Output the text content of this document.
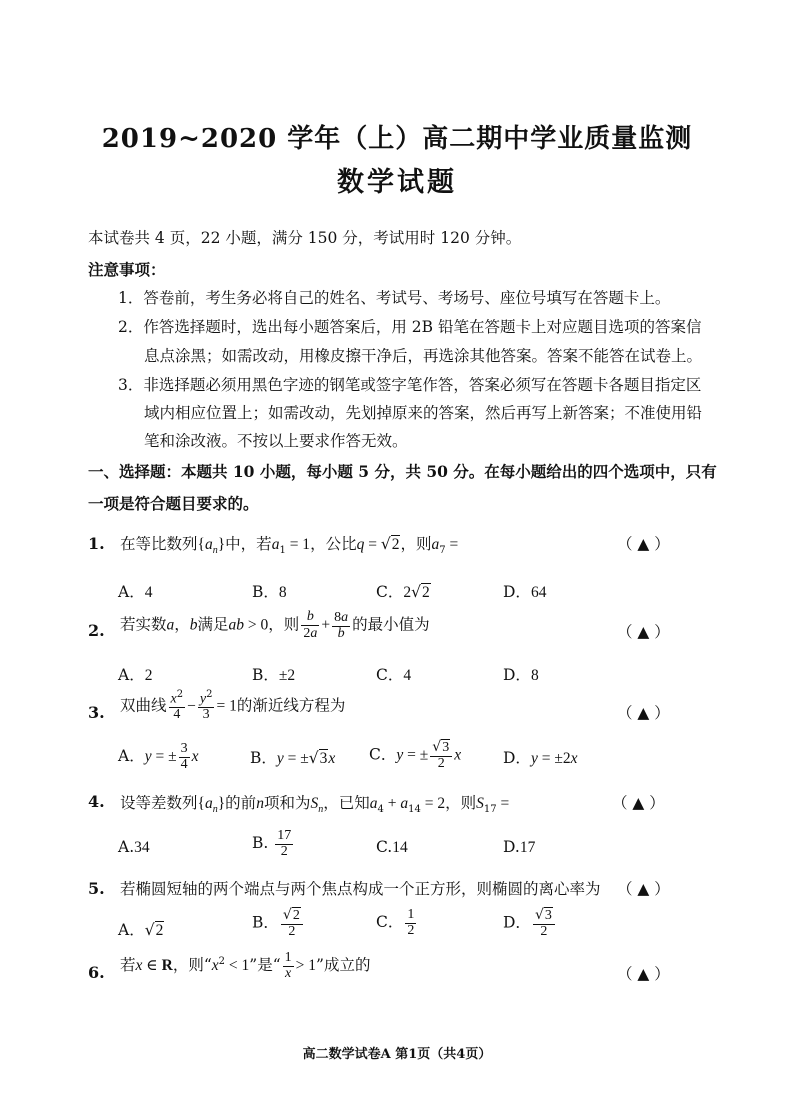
2019~2020 学年（上）高二期中学业质量监测
数学试题
本试卷共 4 页，22 小题，满分 150 分，考试用时 120 分钟。
注意事项：
1．答卷前，考生务必将自己的姓名、考试号、考场号、座位号填写在答题卡上。
2．作答选择题时，选出每小题答案后，用 2B 铅笔在答题卡上对应题目选项的答案信
息点涂黑；如需改动，用橡皮擦干净后，再选涂其他答案。答案不能答在试卷上。
3．非选择题必须用黑色字迹的钢笔或签字笔作答，答案必须写在答题卡各题目指定区
域内相应位置上；如需改动，先划掉原来的答案，然后再写上新答案；不准使用铅
笔和涂改液。不按以上要求作答无效。
一、选择题：本题共 10 小题，每小题 5 分，共 50 分。在每小题给出的四个选项中，只有
一项是符合题目要求的。
1. 在等比数列$\{a_n\}$中，若$a_1 = 1$，公比q = √2，则$a_7$ =	（ ▲ ）
A．4	B．8	C．2√2	D．64
2. 若实数a，b满足ab > 0，则 $\frac{b}{2a} + \frac{8a}{b}$ 的最小值为	（ ▲ ）
A．2	B．±2	C．4	D．8
3. 双曲线 $\frac{x^2}{4} - \frac{y^2}{3} = 1$的渐近线方程为	（ ▲ ）
A．y = ± $\frac{3}{4}$ x	B．y = ±√3x C．y = ± $\frac{√3}{2}$ x	D．y = ±2x
4. 设等差数列$\{a_n\}$的前n项和为$S_n$，已知$a_4 + a_{14} = 2$，则$S_{17}$ =	（ ▲ ）
A.34	B. $\frac{17}{2}$	C.14	D.17
5. 若椭圆短轴的两个端点与两个焦点构成一个正方形，则椭圆的离心率为 （ ▲ ）
A．√2	B． $\frac{√2}{2}$	C． $\frac{1}{2}$	D． $\frac{√3}{2}$
6. 若x ∈ R，则“$x^2 < 1$”是“ $\frac{1}{x} > 1$”成立的	（ ▲ ）
高二数学试卷A 第1页（共4页）
